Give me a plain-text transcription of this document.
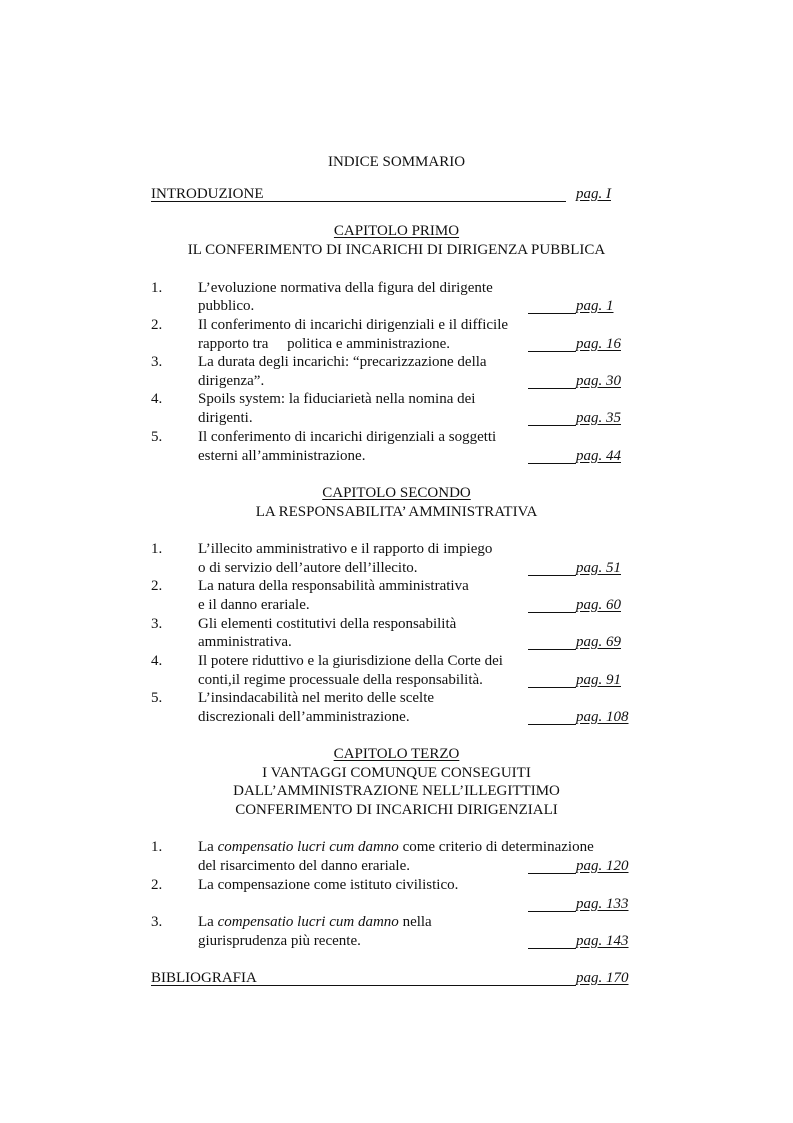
INDICE SOMMARIO
INTRODUZIONE	pag. I
CAPITOLO PRIMO
IL CONFERIMENTO DI INCARICHI DI DIRIGENZA PUBBLICA
1. L’evoluzione normativa della figura del dirigente
pubblico.	pag. 1
2. Il conferimento di incarichi dirigenziali e il difficile
rapporto tra     politica e amministrazione.	pag. 16
3. La durata degli incarichi: “precarizzazione della
dirigenza”.	pag. 30
4. Spoils system: la fiduciarietà nella nomina dei
dirigenti.	pag. 35
5. Il conferimento di incarichi dirigenziali a soggetti
esterni all’amministrazione.	pag. 44
CAPITOLO SECONDO
LA RESPONSABILITA’ AMMINISTRATIVA
1. L’illecito amministrativo e il rapporto di impiego
o di servizio dell’autore dell’illecito.	pag. 51
2. La natura della responsabilità amministrativa
e il danno erariale.	pag. 60
3. Gli elementi costitutivi della responsabilità
amministrativa.	pag. 69
4. Il potere riduttivo e la giurisdizione della Corte dei
conti,il regime processuale della responsabilità.	pag. 91
5. L’insindacabilità nel merito delle scelte
discrezionali dell’amministrazione.	pag. 108
CAPITOLO TERZO
I VANTAGGI COMUNQUE CONSEGUITI
DALL’AMMINISTRAZIONE NELL’ILLEGITTIMO
CONFERIMENTO DI INCARICHI DIRIGENZIALI
1. La compensatio lucri cum damno come criterio di determinazione
del risarcimento del danno erariale.	pag. 120
2. La compensazione come istituto civilistico.
pag. 133
3. La compensatio lucri cum damno nella
giurisprudenza più recente.	pag. 143
BIBLIOGRAFIA	pag. 170
